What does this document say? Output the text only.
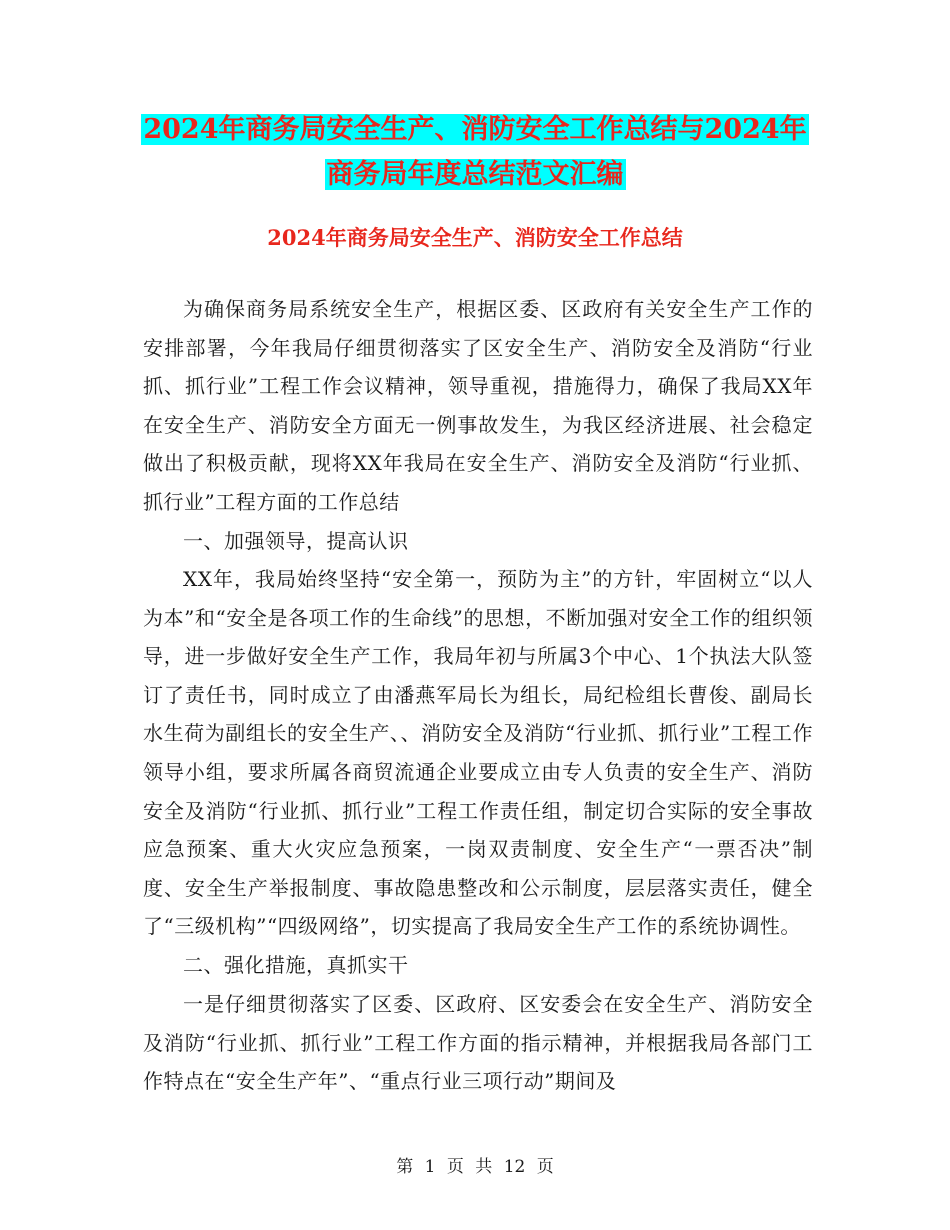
2024年商务局安全生产、消防安全工作总结与2024年
商务局年度总结范文汇编
2024年商务局安全生产、消防安全工作总结

为确保商务局系统安全生产，根据区委、区政府有关安全生产工作的安排部署，今年我局仔细贯彻落实了区安全生产、消防安全及消防“行业抓、抓行业”工程工作会议精神，领导重视，措施得力，确保了我局XX年在安全生产、消防安全方面无一例事故发生，为我区经济进展、社会稳定做出了积极贡献，现将XX年我局在安全生产、消防安全及消防“行业抓、抓行业”工程方面的工作总结

一、加强领导，提高认识

XX年，我局始终坚持“安全第一，预防为主”的方针，牢固树立“以人为本”和“安全是各项工作的生命线”的思想，不断加强对安全工作的组织领导，进一步做好安全生产工作，我局年初与所属3个中心、1个执法大队签订了责任书，同时成立了由潘燕军局长为组长，局纪检组长曹俊、副局长水生荷为副组长的安全生产、、消防安全及消防“行业抓、抓行业”工程工作领导小组，要求所属各商贸流通企业要成立由专人负责的安全生产、消防安全及消防“行业抓、抓行业”工程工作责任组，制定切合实际的安全事故应急预案、重大火灾应急预案，一岗双责制度、安全生产“一票否决”制度、安全生产举报制度、事故隐患整改和公示制度，层层落实责任，健全了“三级机构”“四级网络”，切实提高了我局安全生产工作的系统协调性。

二、强化措施，真抓实干

一是仔细贯彻落实了区委、区政府、区安委会在安全生产、消防安全及消防“行业抓、抓行业”工程工作方面的指示精神，并根据我局各部门工作特点在“安全生产年”、“重点行业三项行动”期间及

第 1 页 共 12 页
